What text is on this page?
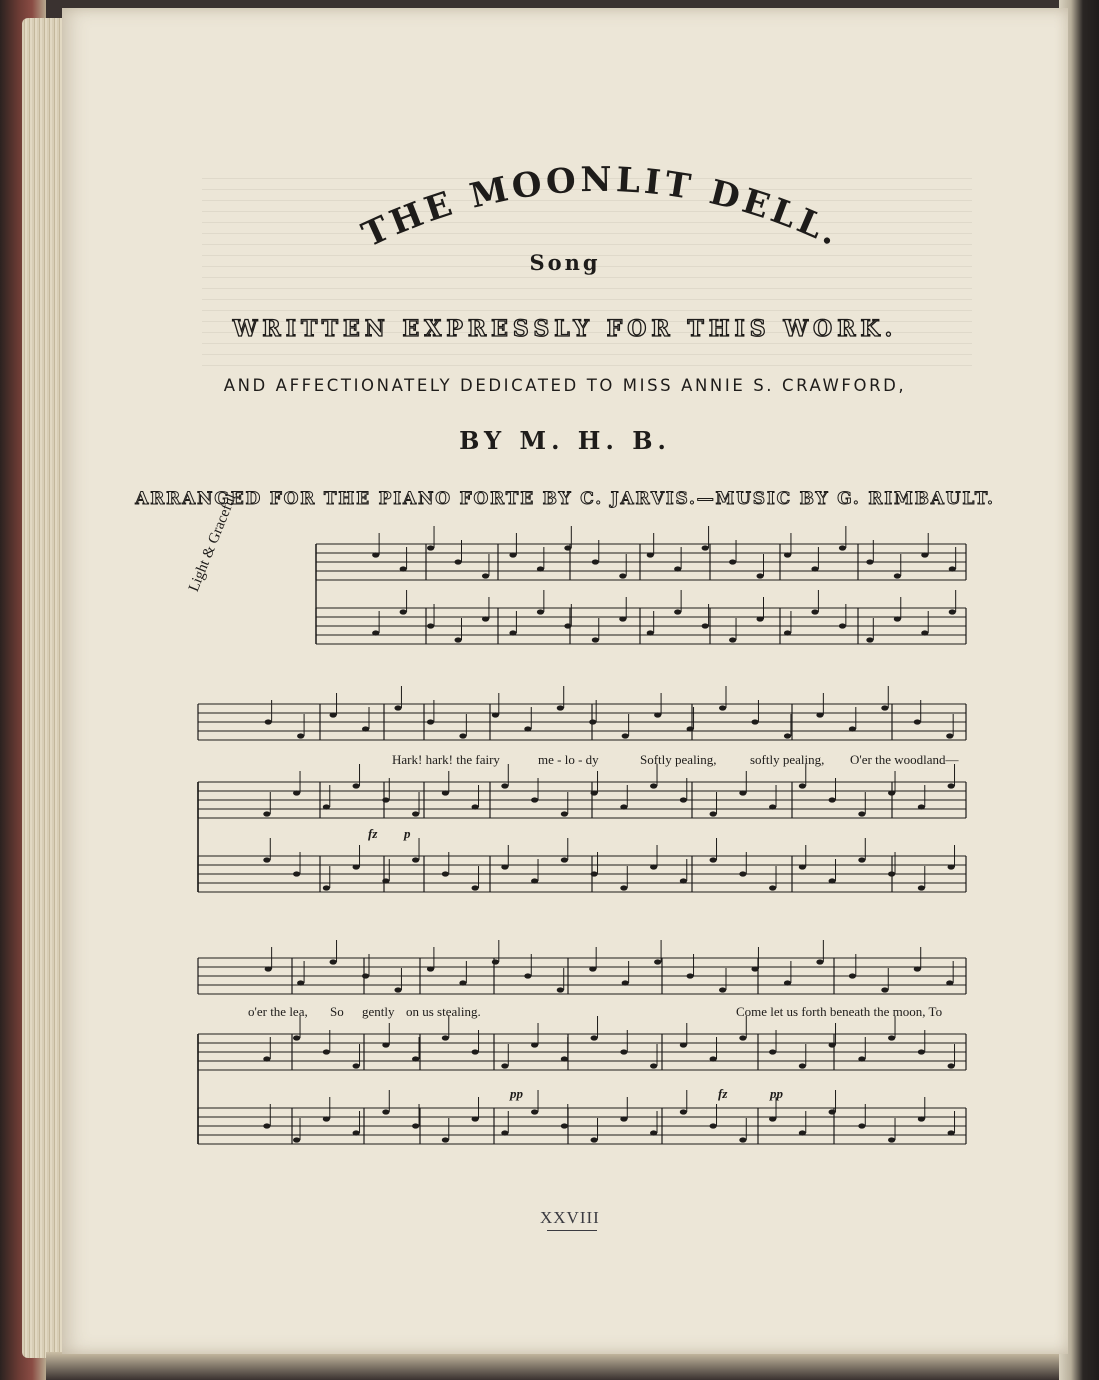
THE MOONLIT DELL.
Song
WRITTEN EXPRESSLY FOR THIS WORK.
AND AFFECTIONATELY DEDICATED TO MISS ANNIE S. CRAWFORD,
BY M. H. B.
ARRANGED FOR THE PIANO FORTE BY C. JARVIS.—MUSIC BY G. RIMBAULT.
Light & Graceful.
Hark! hark! the fairy	me - lo - dy	Softly pealing,	softly pealing, O'er the woodland—
fz p
o'er the lea, So gently on us stealing.	Come let us forth beneath the moon, To
pp	fz	pp
XXVIII
